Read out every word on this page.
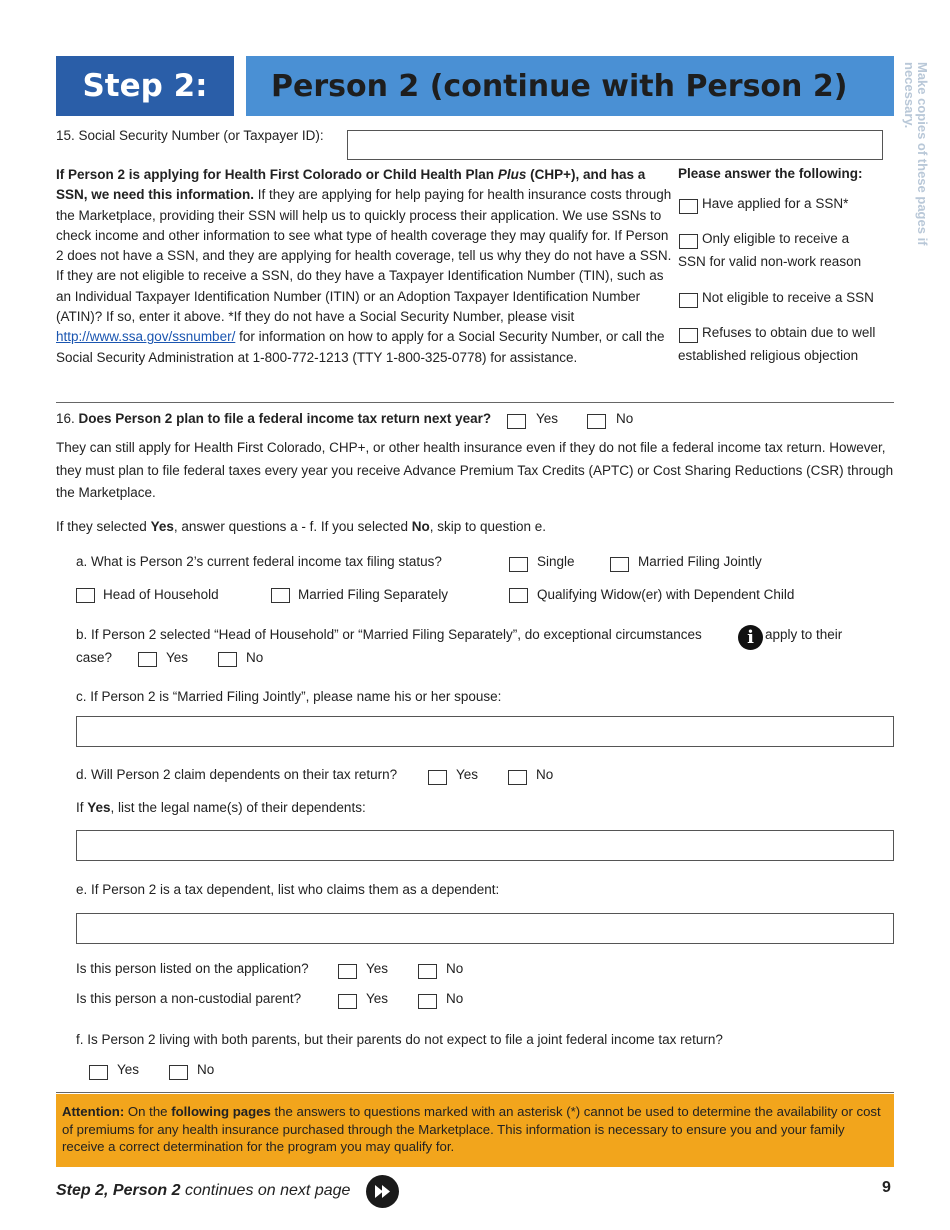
Step 2:	Person 2 (continue with Person 2)	Make copies of these pages if necessary.
15. Social Security Number (or Taxpayer ID):
If Person 2 is applying for Health First Colorado or Child Health Plan Plus (CHP+), and has a SSN, we need this information. If they are applying for help paying for health insurance costs through the Marketplace, providing their SSN will help us to quickly process their application. We use SSNs to check income and other information to see what type of health coverage they may qualify for. If Person 2 does not have a SSN, and they are applying for health coverage, tell us why they do not have a SSN. If they are not eligible to receive a SSN, do they have a Taxpayer Identification Number (TIN), such as an Individual Taxpayer Identification Number (ITIN) or an Adoption Taxpayer Identification Number (ATIN)? If so, enter it above. *If they do not have a Social Security Number, please visit http://www.ssa.gov/ssnumber/ for information on how to apply for a Social Security Number, or call the Social Security Administration at 1-800-772-1213 (TTY 1-800-325-0778) for assistance.
Please answer the following:
Have applied for a SSN*
Only eligible to receive a
SSN for valid non-work reason
Not eligible to receive a SSN
Refuses to obtain due to well
established religious objection
16. Does Person 2 plan to file a federal income tax return next year?	Yes	No
They can still apply for Health First Colorado, CHP+, or other health insurance even if they do not file a federal income tax return. However, they must plan to file federal taxes every year you receive Advance Premium Tax Credits (APTC) or Cost Sharing Reductions (CSR) through the Marketplace.
If they selected Yes, answer questions a - f. If you selected No, skip to question e.
a. What is Person 2’s current federal income tax filing status?	Single	Married Filing Jointly
Head of Household	Married Filing Separately	Qualifying Widow(er) with Dependent Child
b. If Person 2 selected “Head of Household” or “Married Filing Separately”, do exceptional circumstances	i apply to their
case?	Yes	No
c. If Person 2 is “Married Filing Jointly”, please name his or her spouse:
d. Will Person 2 claim dependents on their tax return?	Yes	No
If Yes, list the legal name(s) of their dependents:
e. If Person 2 is a tax dependent, list who claims them as a dependent:
Is this person listed on the application?	Yes	No
Is this person a non-custodial parent?	Yes	No
f. Is Person 2 living with both parents, but their parents do not expect to file a joint federal income tax return?
Yes	No
Attention: On the following pages the answers to questions marked with an asterisk (*) cannot be used to determine the availability or cost of premiums for any health insurance purchased through the Marketplace. This information is necessary to ensure you and your family receive a correct determination for the program you may qualify for.
Step 2, Person 2 continues on next page	9
